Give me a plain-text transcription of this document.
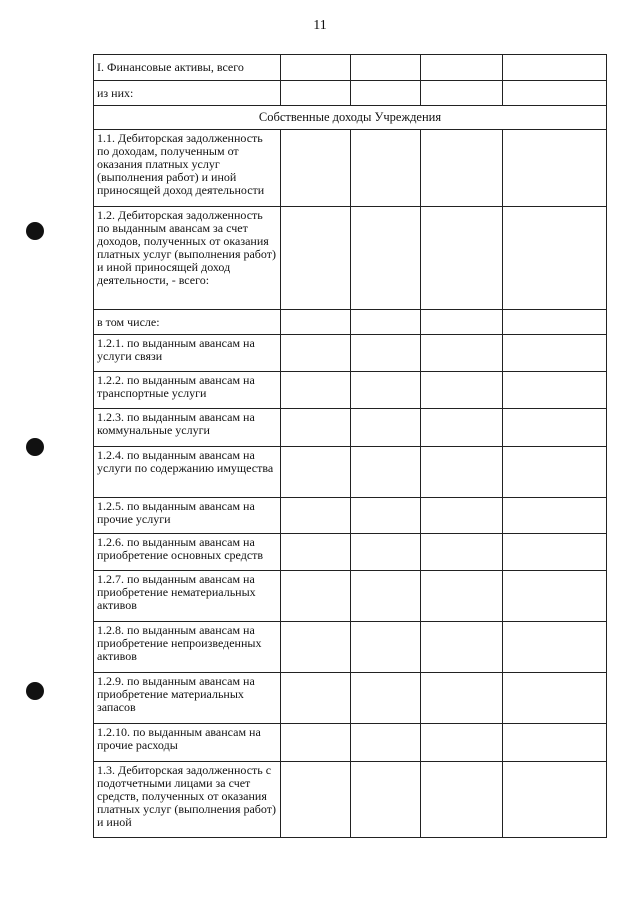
11
I. Финансовые активы, всего				
из них:				
Собственные доходы Учреждения				
1.1. Дебиторская задолженность по доходам, полученным от оказания платных услуг (выполнения работ) и иной приносящей доход деятельности				
1.2. Дебиторская задолженность по выданным авансам за счет доходов, полученных от оказания платных услуг (выполнения работ) и иной приносящей доход деятельности, - всего:				
в том числе:				
1.2.1. по выданным авансам на услуги связи				
1.2.2. по выданным авансам на транспортные услуги				
1.2.3. по выданным авансам на коммунальные услуги				
1.2.4. по выданным авансам на услуги по содержанию имущества				
1.2.5. по выданным авансам на прочие услуги				
1.2.6. по выданным авансам на приобретение основных средств				
1.2.7. по выданным авансам на приобретение нематериальных активов				
1.2.8. по выданным авансам на приобретение непроизведенных активов				
1.2.9. по выданным авансам на приобретение материальных запасов				
1.2.10. по выданным авансам на прочие расходы				
1.3. Дебиторская задолженность с подотчетными лицами за счет средств, полученных от оказания платных услуг (выполнения работ) и иной				
